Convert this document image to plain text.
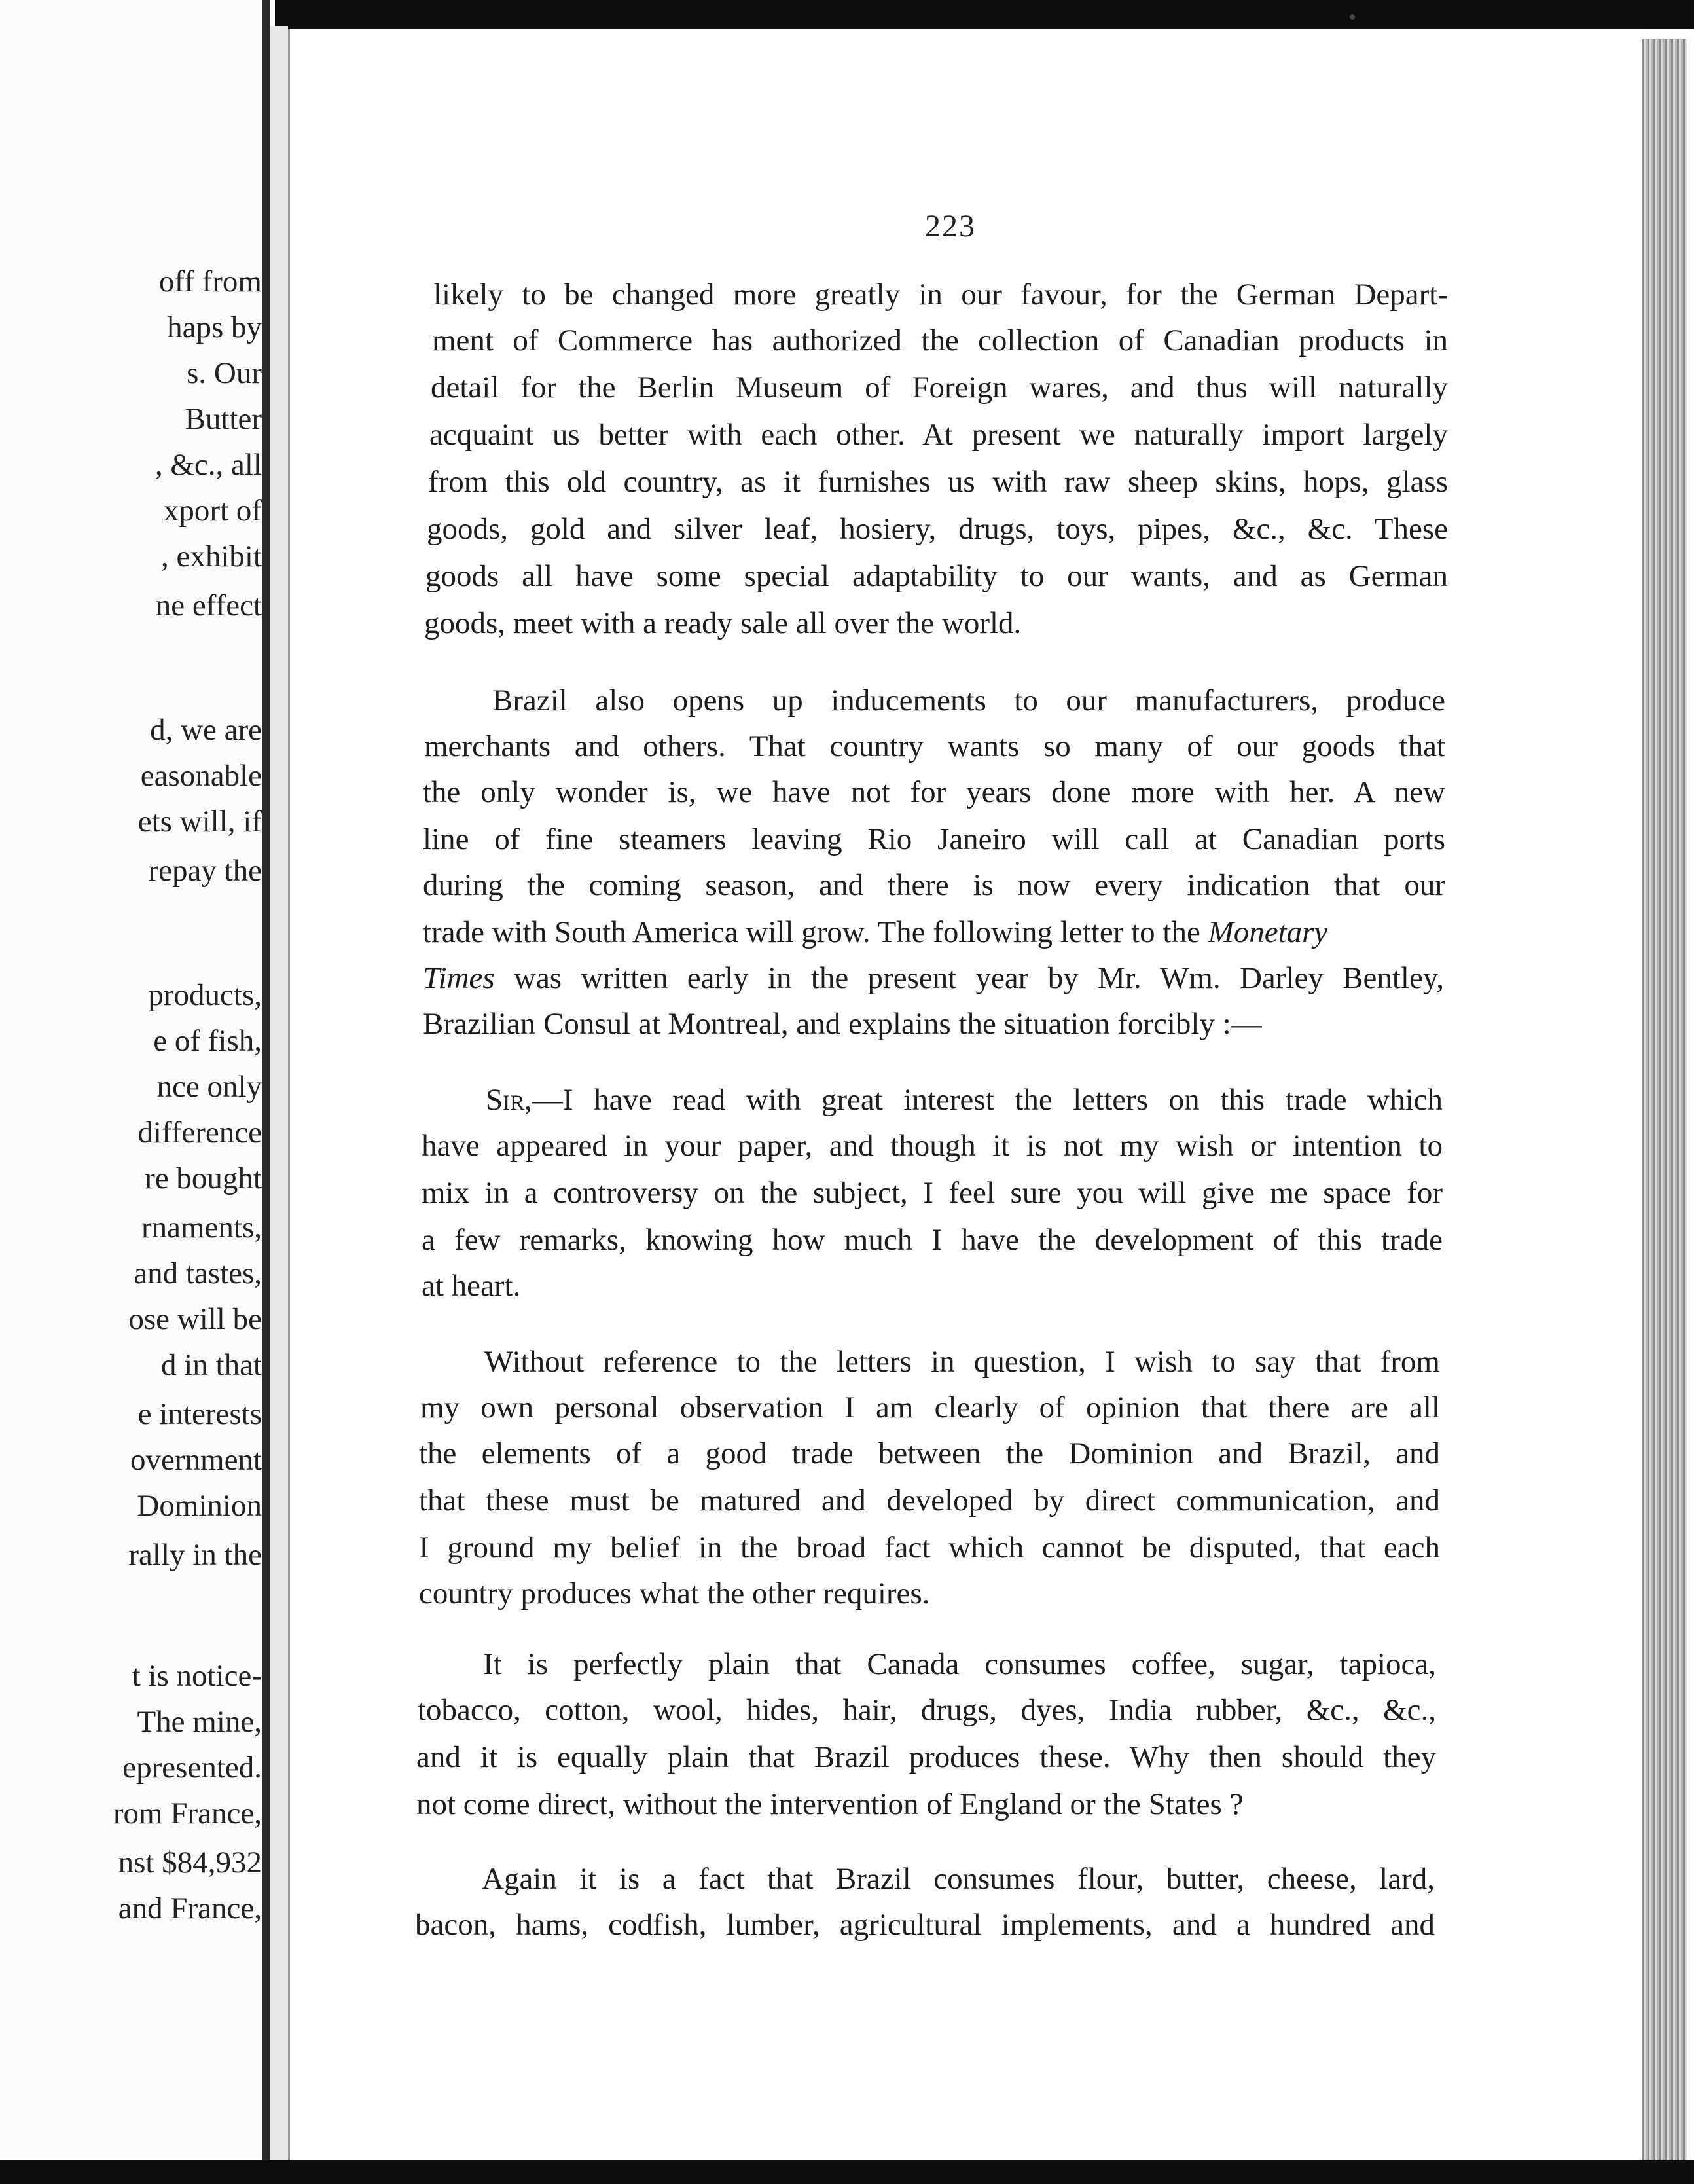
off from
haps by
s. Our
Butter
, &c., all
xport of
, exhibit
ne effect
d, we are
easonable
ets will, if
repay the
products,
e of fish,
nce only
difference
re bought
rnaments,
and tastes,
ose will be
d in that
e interests
overnment
Dominion
rally in the
t is notice-
The mine,
epresented.
rom France,
nst $84,932
and France,
223
likely to be changed more greatly in our favour, for the German Depart-
ment of Commerce has authorized the collection of Canadian products in
detail for the Berlin Museum of Foreign wares, and thus will naturally
acquaint us better with each other. At present we naturally import largely
from this old country, as it furnishes us with raw sheep skins, hops, glass
goods, gold and silver leaf, hosiery, drugs, toys, pipes, &c., &c. These
goods all have some special adaptability to our wants, and as German
goods, meet with a ready sale all over the world.
Brazil also opens up inducements to our manufacturers, produce
merchants and others. That country wants so many of our goods that
the only wonder is, we have not for years done more with her. A new
line of fine steamers leaving Rio Janeiro will call at Canadian ports
during the coming season, and there is now every indication that our
trade with South America will grow. The following letter to the Monetary
Times was written early in the present year by Mr. Wm. Darley Bentley,
Brazilian Consul at Montreal, and explains the situation forcibly :—
Sir,—I have read with great interest the letters on this trade which
have appeared in your paper, and though it is not my wish or intention to
mix in a controversy on the subject, I feel sure you will give me space for
a few remarks, knowing how much I have the development of this trade
at heart.
Without reference to the letters in question, I wish to say that from
my own personal observation I am clearly of opinion that there are all
the elements of a good trade between the Dominion and Brazil, and
that these must be matured and developed by direct communication, and
I ground my belief in the broad fact which cannot be disputed, that each
country produces what the other requires.
It is perfectly plain that Canada consumes coffee, sugar, tapioca,
tobacco, cotton, wool, hides, hair, drugs, dyes, India rubber, &c., &c.,
and it is equally plain that Brazil produces these. Why then should they
not come direct, without the intervention of England or the States ?
Again it is a fact that Brazil consumes flour, butter, cheese, lard,
bacon, hams, codfish, lumber, agricultural implements, and a hundred and
